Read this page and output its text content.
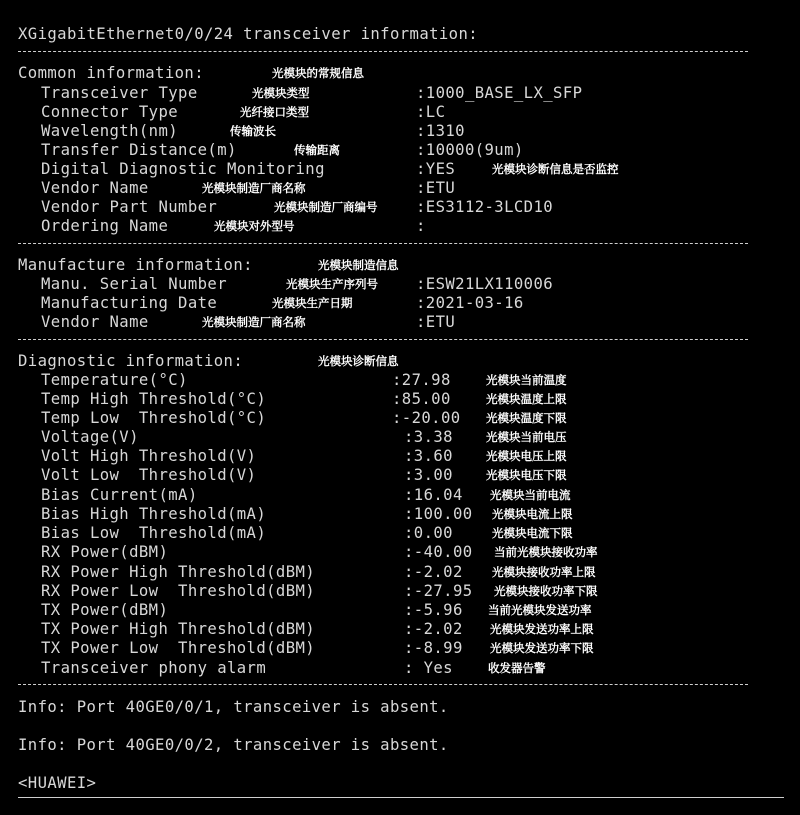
XGigabitEthernet0/0/24 transceiver information:
Common information:	光模块的常规信息
Transceiver Type	光模块类型	:1000_BASE_LX_SFP
Connector Type	光纤接口类型	:LC
Wavelength(nm)	传输波长	:1310
Transfer Distance(m)	传输距离	:10000(9um)
Digital Diagnostic Monitoring	:YES	光模块诊断信息是否监控
Vendor Name	光模块制造厂商名称	:ETU
Vendor Part Number	光模块制造厂商编号 :ES3112-3LCD10
Ordering Name	光模块对外型号	:
Manufacture information:	光模块制造信息
Manu. Serial Number	光模块生产序列号 :ESW21LX110006
Manufacturing Date	光模块生产日期	:2021-03-16
Vendor Name	光模块制造厂商名称	:ETU
Diagnostic information:	光模块诊断信息
Temperature(°C)	:27.98	光模块当前温度
Temp High Threshold(°C)	:85.00	光模块温度上限
Temp Low  Threshold(°C)	:-20.00 光模块温度下限
Voltage(V)	:3.38	光模块当前电压
Volt High Threshold(V)	:3.60	光模块电压上限
Volt Low  Threshold(V)	:3.00	光模块电压下限
Bias Current(mA)	:16.04 光模块当前电流
Bias High Threshold(mA)	:100.00 光模块电流上限
Bias Low  Threshold(mA)	:0.00	光模块电流下限
RX Power(dBM)	:-40.00 当前光模块接收功率
RX Power High Threshold(dBM)	:-2.02	光模块接收功率上限
RX Power Low  Threshold(dBM)	:-27.95 光模块接收功率下限
TX Power(dBM)	:-5.96 当前光模块发送功率
TX Power High Threshold(dBM)	:-2.02 光模块发送功率上限
TX Power Low  Threshold(dBM)	:-8.99 光模块发送功率下限
Transceiver phony alarm	: Yes	收发器告警
Info: Port 40GE0/0/1, transceiver is absent.
Info: Port 40GE0/0/2, transceiver is absent.
<HUAWEI>
